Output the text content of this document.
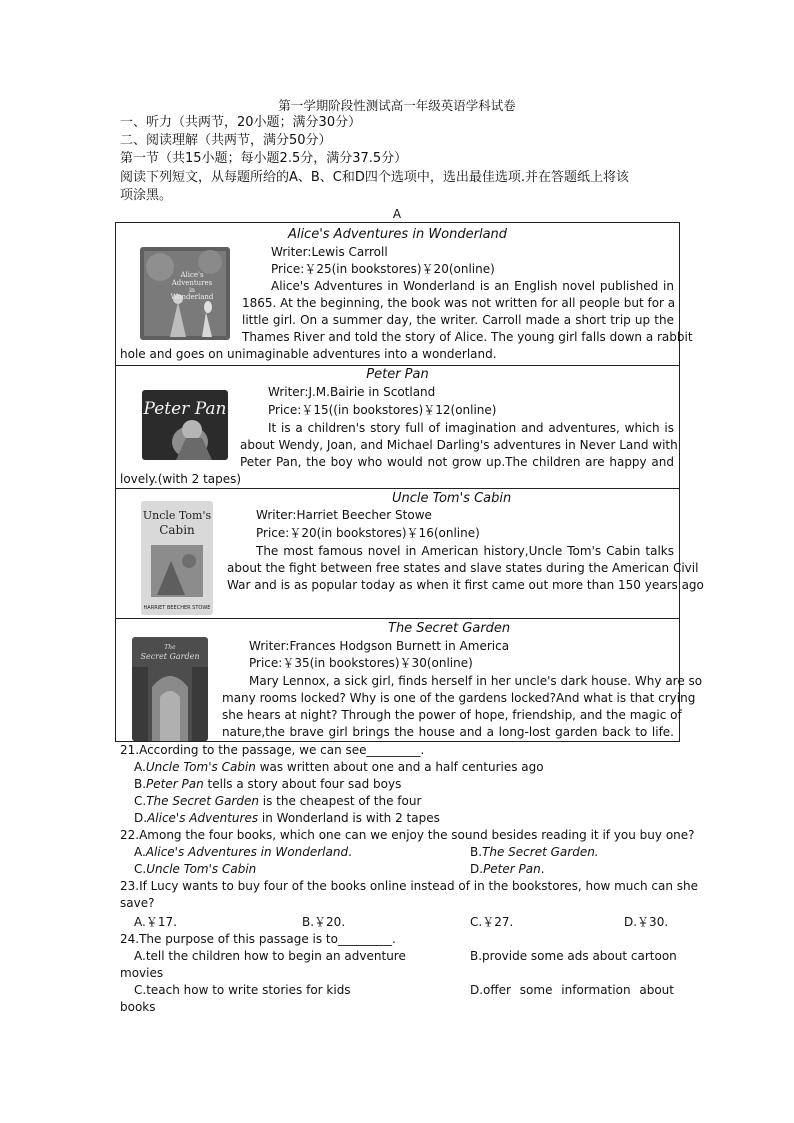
第一学期阶段性测试高一年级英语学科试卷
一、听力（共两节，20小题；满分30分）
二、阅读理解（共两节，满分50分）
第一节（共15小题；每小题2.5分，满分37.5分）
阅读下列短文，从每题所给的A、B、C和D四个选项中，选出最佳选项.并在答题纸上将该
项涂黑。
A
Alice's Adventures in Wonderland
Alice's
Adventures
in
Wonderland
Writer:Lewis Carroll
Price:￥25(in bookstores)￥20(online)
Alice's Adventures in Wonderland is an English novel published in
1865. At the beginning, the book was not written for all people but for a
little girl. On a summer day, the writer. Carroll made a short trip up the
Thames River and told the story of Alice. The young girl falls down a rabbit
hole and goes on unimaginable adventures into a wonderland.
Peter Pan
Peter Pan
Writer:J.M.Bairie in Scotland
Price:￥15((in bookstores)￥12(online)
It is a children's story full of imagination and adventures, which is
about Wendy, Joan, and Michael Darling's adventures in Never Land with
Peter Pan, the boy who would not grow up.The children are happy and
lovely.(with 2 tapes)
Uncle Tom's Cabin
Uncle Tom's
Cabin
HARRIET BEECHER STOWE
Writer:Harriet Beecher Stowe
Price:￥20(in bookstores)￥16(online)
The most famous novel in American history,Uncle Tom's Cabin talks
about the fight between free states and slave states during the American Civil
War and is as popular today as when it first came out more than 150 years ago
The Secret Garden
The
Secret Garden
Writer:Frances Hodgson Burnett in America
Price:￥35(in bookstores)￥30(online)
Mary Lennox, a sick girl, finds herself in her uncle's dark house. Why are so
many rooms locked? Why is one of the gardens locked?And what is that crying
she hears at night? Through the power of hope, friendship, and the magic of
nature,the brave girl brings the house and a long-lost garden back to life.
21.According to the passage, we can see_________.
A.Uncle Tom's Cabin was written about one and a half centuries ago
B.Peter Pan tells a story about four sad boys
C.The Secret Garden is the cheapest of the four
D.Alice's Adventures in Wonderland is with 2 tapes
22.Among the four books, which one can we enjoy the sound besides reading it if you buy one?
A.Alice's Adventures in Wonderland.	B.The Secret Garden.
C.Uncle Tom's Cabin	D.Peter Pan.
23.If Lucy wants to buy four of the books online instead of in the bookstores, how much can she
save?
A.￥17.	B.￥20.	C.￥27.	D.￥30.
24.The purpose of this passage is to_________.
A.tell the children how to begin an adventure
movies
B.provide some ads about cartoon
C.teach how to write stories for kids	D.offer some information about
books
